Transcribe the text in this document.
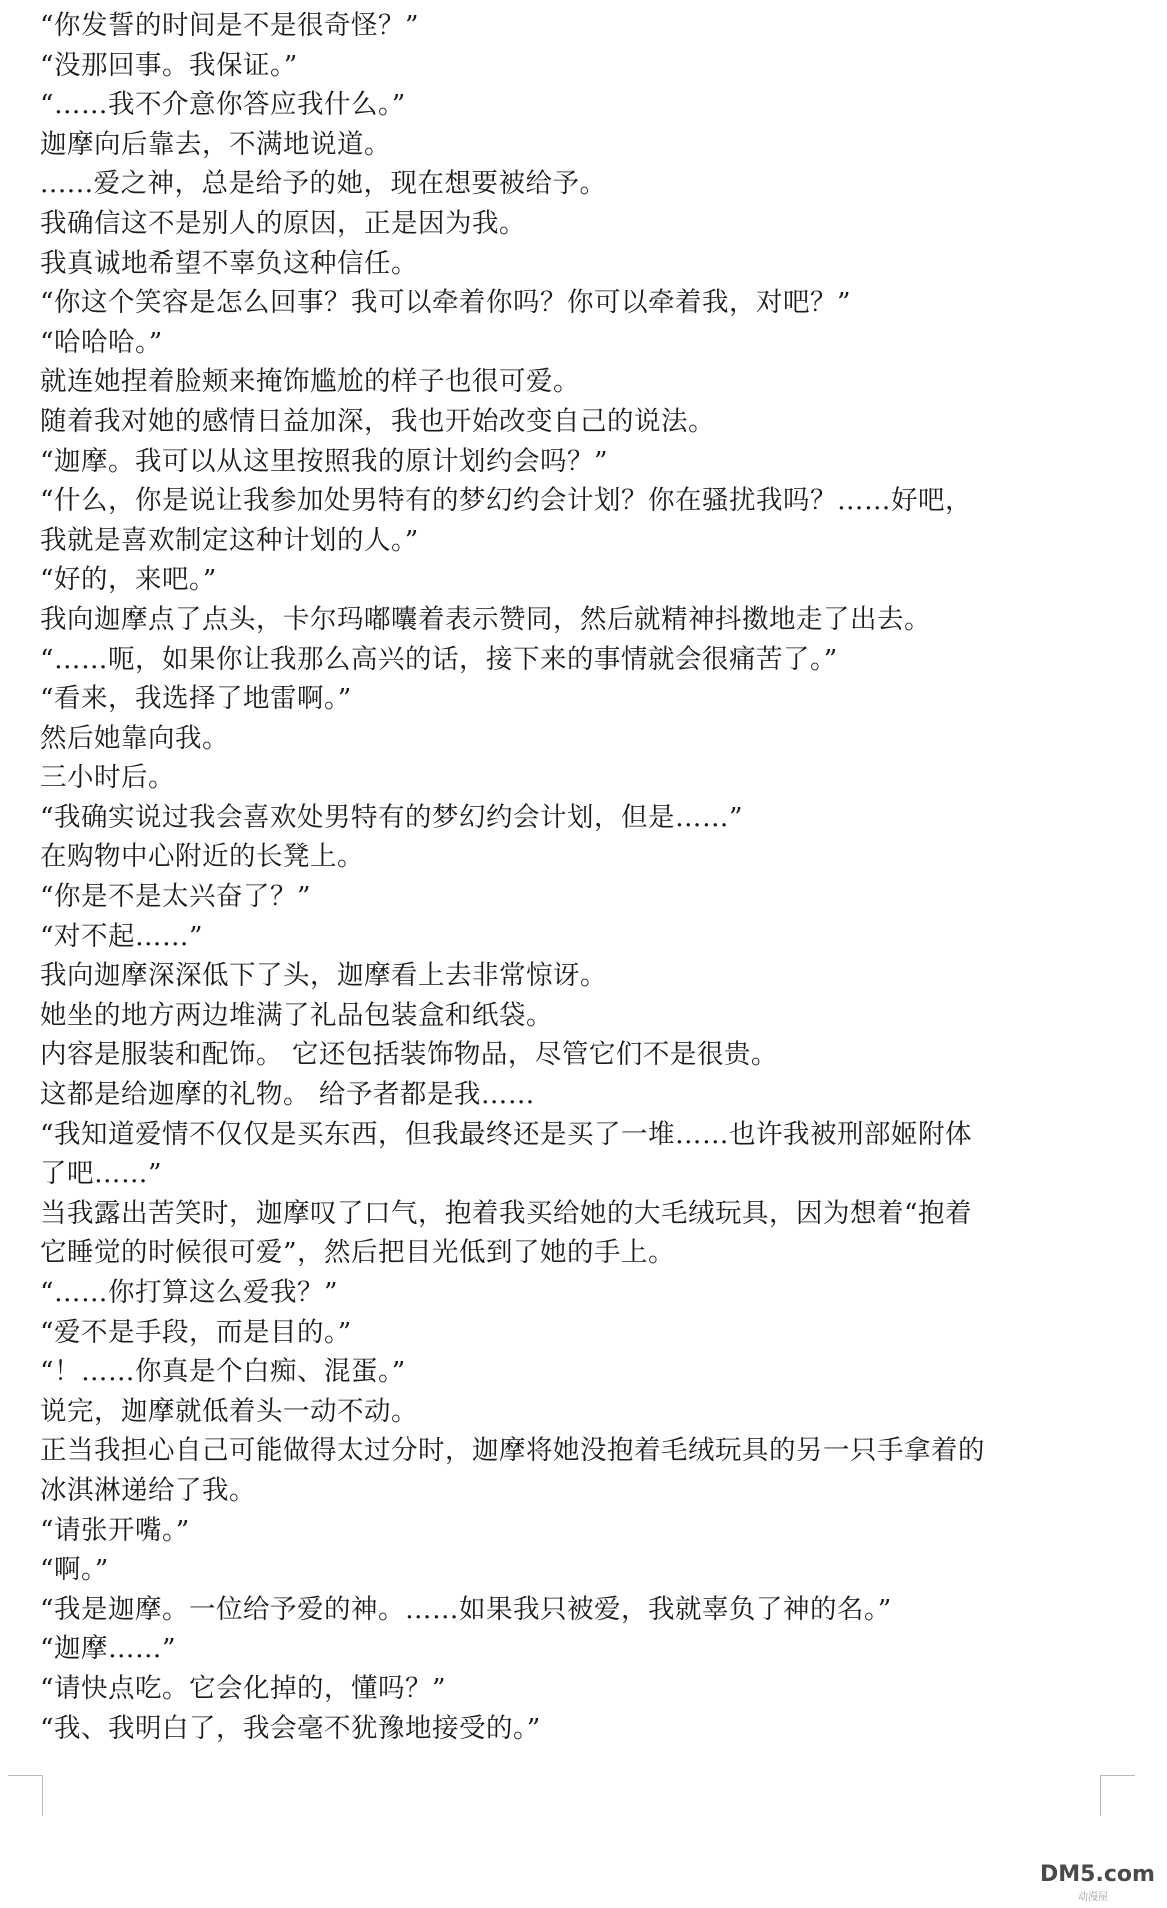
“你发誓的时间是不是很奇怪？”
“没那回事。我保证。”
“……我不介意你答应我什么。”
迦摩向后靠去，不满地说道。
......爱之神，总是给予的她，现在想要被给予。
我确信这不是别人的原因，正是因为我。
我真诚地希望不辜负这种信任。
“你这个笑容是怎么回事？我可以牵着你吗？你可以牵着我，对吧？”
“哈哈哈。”
就连她捏着脸颊来掩饰尴尬的样子也很可爱。
随着我对她的感情日益加深，我也开始改变自己的说法。
“迦摩。我可以从这里按照我的原计划约会吗？”
“什么，你是说让我参加处男特有的梦幻约会计划？你在骚扰我吗？……好吧，
我就是喜欢制定这种计划的人。”
“好的，来吧。”
我向迦摩点了点头，卡尔玛嘟囔着表示赞同，然后就精神抖擞地走了出去。
“……呃，如果你让我那么高兴的话，接下来的事情就会很痛苦了。”
“看来，我选择了地雷啊。”
然后她靠向我。
三小时后。
“我确实说过我会喜欢处男特有的梦幻约会计划，但是……”
在购物中心附近的长凳上。
“你是不是太兴奋了？”
“对不起……”
我向迦摩深深低下了头，迦摩看上去非常惊讶。
她坐的地方两边堆满了礼品包装盒和纸袋。
内容是服装和配饰。 它还包括装饰物品，尽管它们不是很贵。
这都是给迦摩的礼物。 给予者都是我……
“我知道爱情不仅仅是买东西，但我最终还是买了一堆……也许我被刑部姬附体
了吧……”
当我露出苦笑时，迦摩叹了口气，抱着我买给她的大毛绒玩具，因为想着“抱着
它睡觉的时候很可爱”，然后把目光低到了她的手上。
“……你打算这么爱我？”
“爱不是手段，而是目的。”
“！……你真是个白痴、混蛋。”
说完，迦摩就低着头一动不动。
正当我担心自己可能做得太过分时，迦摩将她没抱着毛绒玩具的另一只手拿着的
冰淇淋递给了我。
“请张开嘴。”
“啊。”
“我是迦摩。一位给予爱的神。……如果我只被爱，我就辜负了神的名。”
“迦摩……”
“请快点吃。它会化掉的，懂吗？”
“我、我明白了，我会毫不犹豫地接受的。”
DM5.com
动漫屋
